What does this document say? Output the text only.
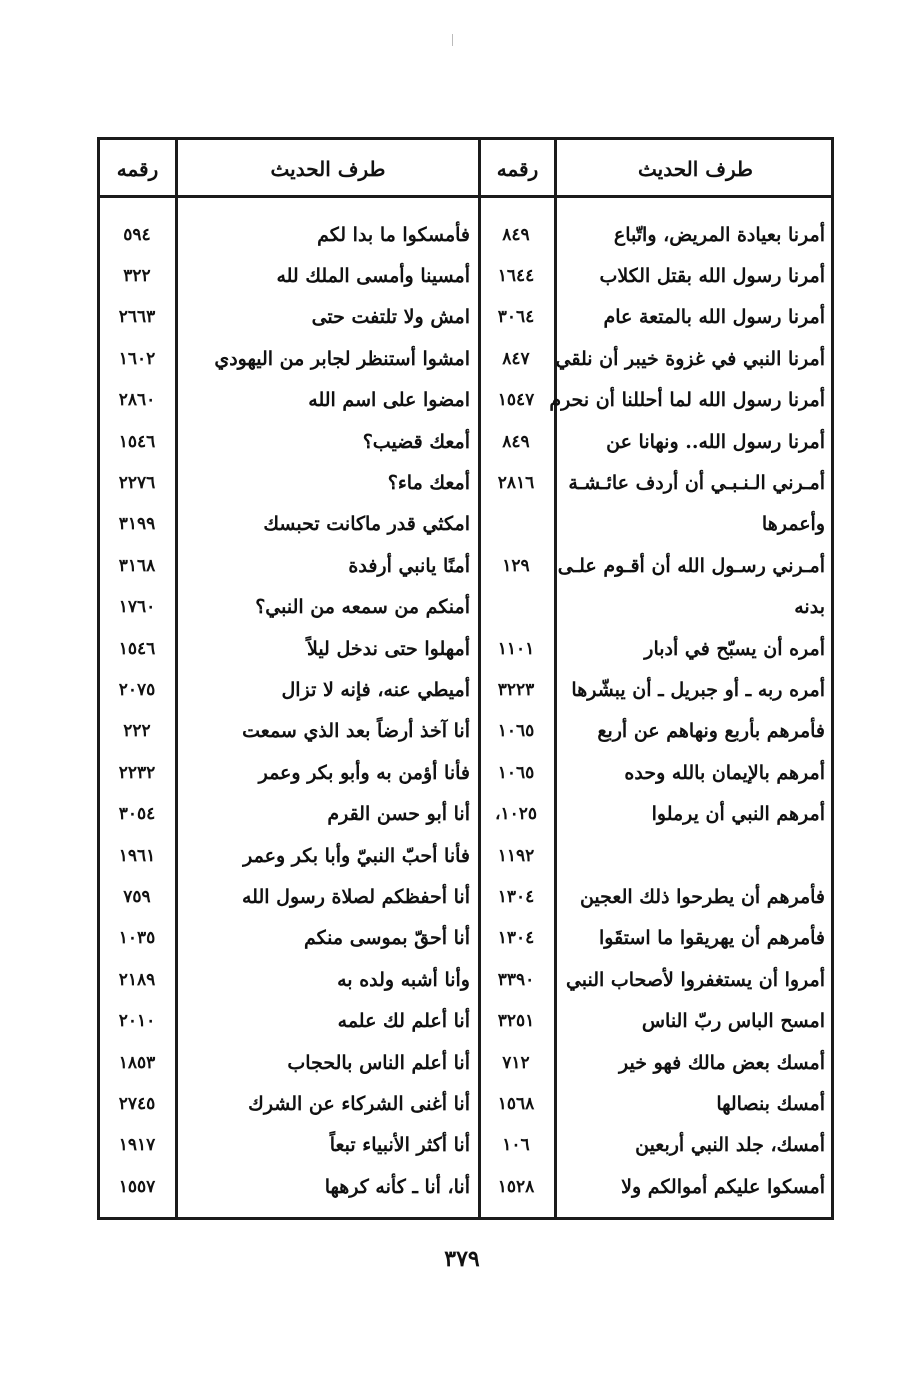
طرف الحديث
رقمه
طرف الحديث
رقمه
أمرنا بعيادة المريض، واتّباع
٨٤٩
فأمسكوا ما بدا لكم
٥٩٤
أمرنا رسول الله بقتل الكلاب
١٦٤٤
أمسينا وأمسى الملك لله
٣٢٢
أمرنا رسول الله بالمتعة عام
٣٠٦٤
امش ولا تلتفت حتى
٢٦٦٣
أمرنا النبي في غزوة خيبر أن نلقي
٨٤٧
امشوا أستنظر لجابر من اليهودي
١٦٠٢
أمرنا رسول الله لما أحللنا أن نحرم
١٥٤٧
امضوا على اسم الله
٢٨٦٠
أمرنا رسول الله.. ونهانا عن
٨٤٩
أمعك قضيب؟
١٥٤٦
أمـرني الـنـبـي أن أردف عائـشـة
٢٨١٦
أمعك ماء؟
٢٢٧٦
وأعمرها
امكثي قدر ماكانت تحبسك
٣١٩٩
أمـرني رسـول الله أن أقـوم علـى
١٢٩
أمنًا يانبي أرفدة
٣١٦٨
بدنه
أمنكم من سمعه من النبي؟
١٧٦٠
أمره أن يسبّح في أدبار
١١٠١
أمهلوا حتى ندخل ليلاً
١٥٤٦
أمره ربه ـ أو جبريل ـ أن يبشّرها
٣٢٢٣
أميطي عنه، فإنه لا تزال
٢٠٧٥
فأمرهم بأربع ونهاهم عن أربع
١٠٦٥
أنا آخذ أرضاً بعد الذي سمعت
٢٢٢
أمرهم بالإيمان بالله وحده
١٠٦٥
فأنا أؤمن به وأبو بكر وعمر
٢٢٣٢
أمرهم النبي أن يرملوا
١٠٢٥،
أنا أبو حسن القرم
٣٠٥٤
١١٩٢
فأنا أحبّ النبيّ وأبا بكر وعمر
١٩٦١
فأمرهم أن يطرحوا ذلك العجين
١٣٠٤
أنا أحفظكم لصلاة رسول الله
٧٥٩
فأمرهم أن يهريقوا ما استقَوا
١٣٠٤
أنا أحقّ بموسى منكم
١٠٣٥
أمروا أن يستغفروا لأصحاب النبي
٣٣٩٠
وأنا أشبه ولده به
٢١٨٩
امسح الباس ربّ الناس
٣٢٥١
أنا أعلم لك علمه
٢٠١٠
أمسك بعض مالك فهو خير
٧١٢
أنا أعلم الناس بالحجاب
١٨٥٣
أمسك بنصالها
١٥٦٨
أنا أغنى الشركاء عن الشرك
٢٧٤٥
أمسك، جلد النبي أربعين
١٠٦
أنا أكثر الأنبياء تبعاً
١٩١٧
أمسكوا عليكم أموالكم ولا
١٥٢٨
أنا، أنا ـ كأنه كرهها
١٥٥٧
٣٧٩
